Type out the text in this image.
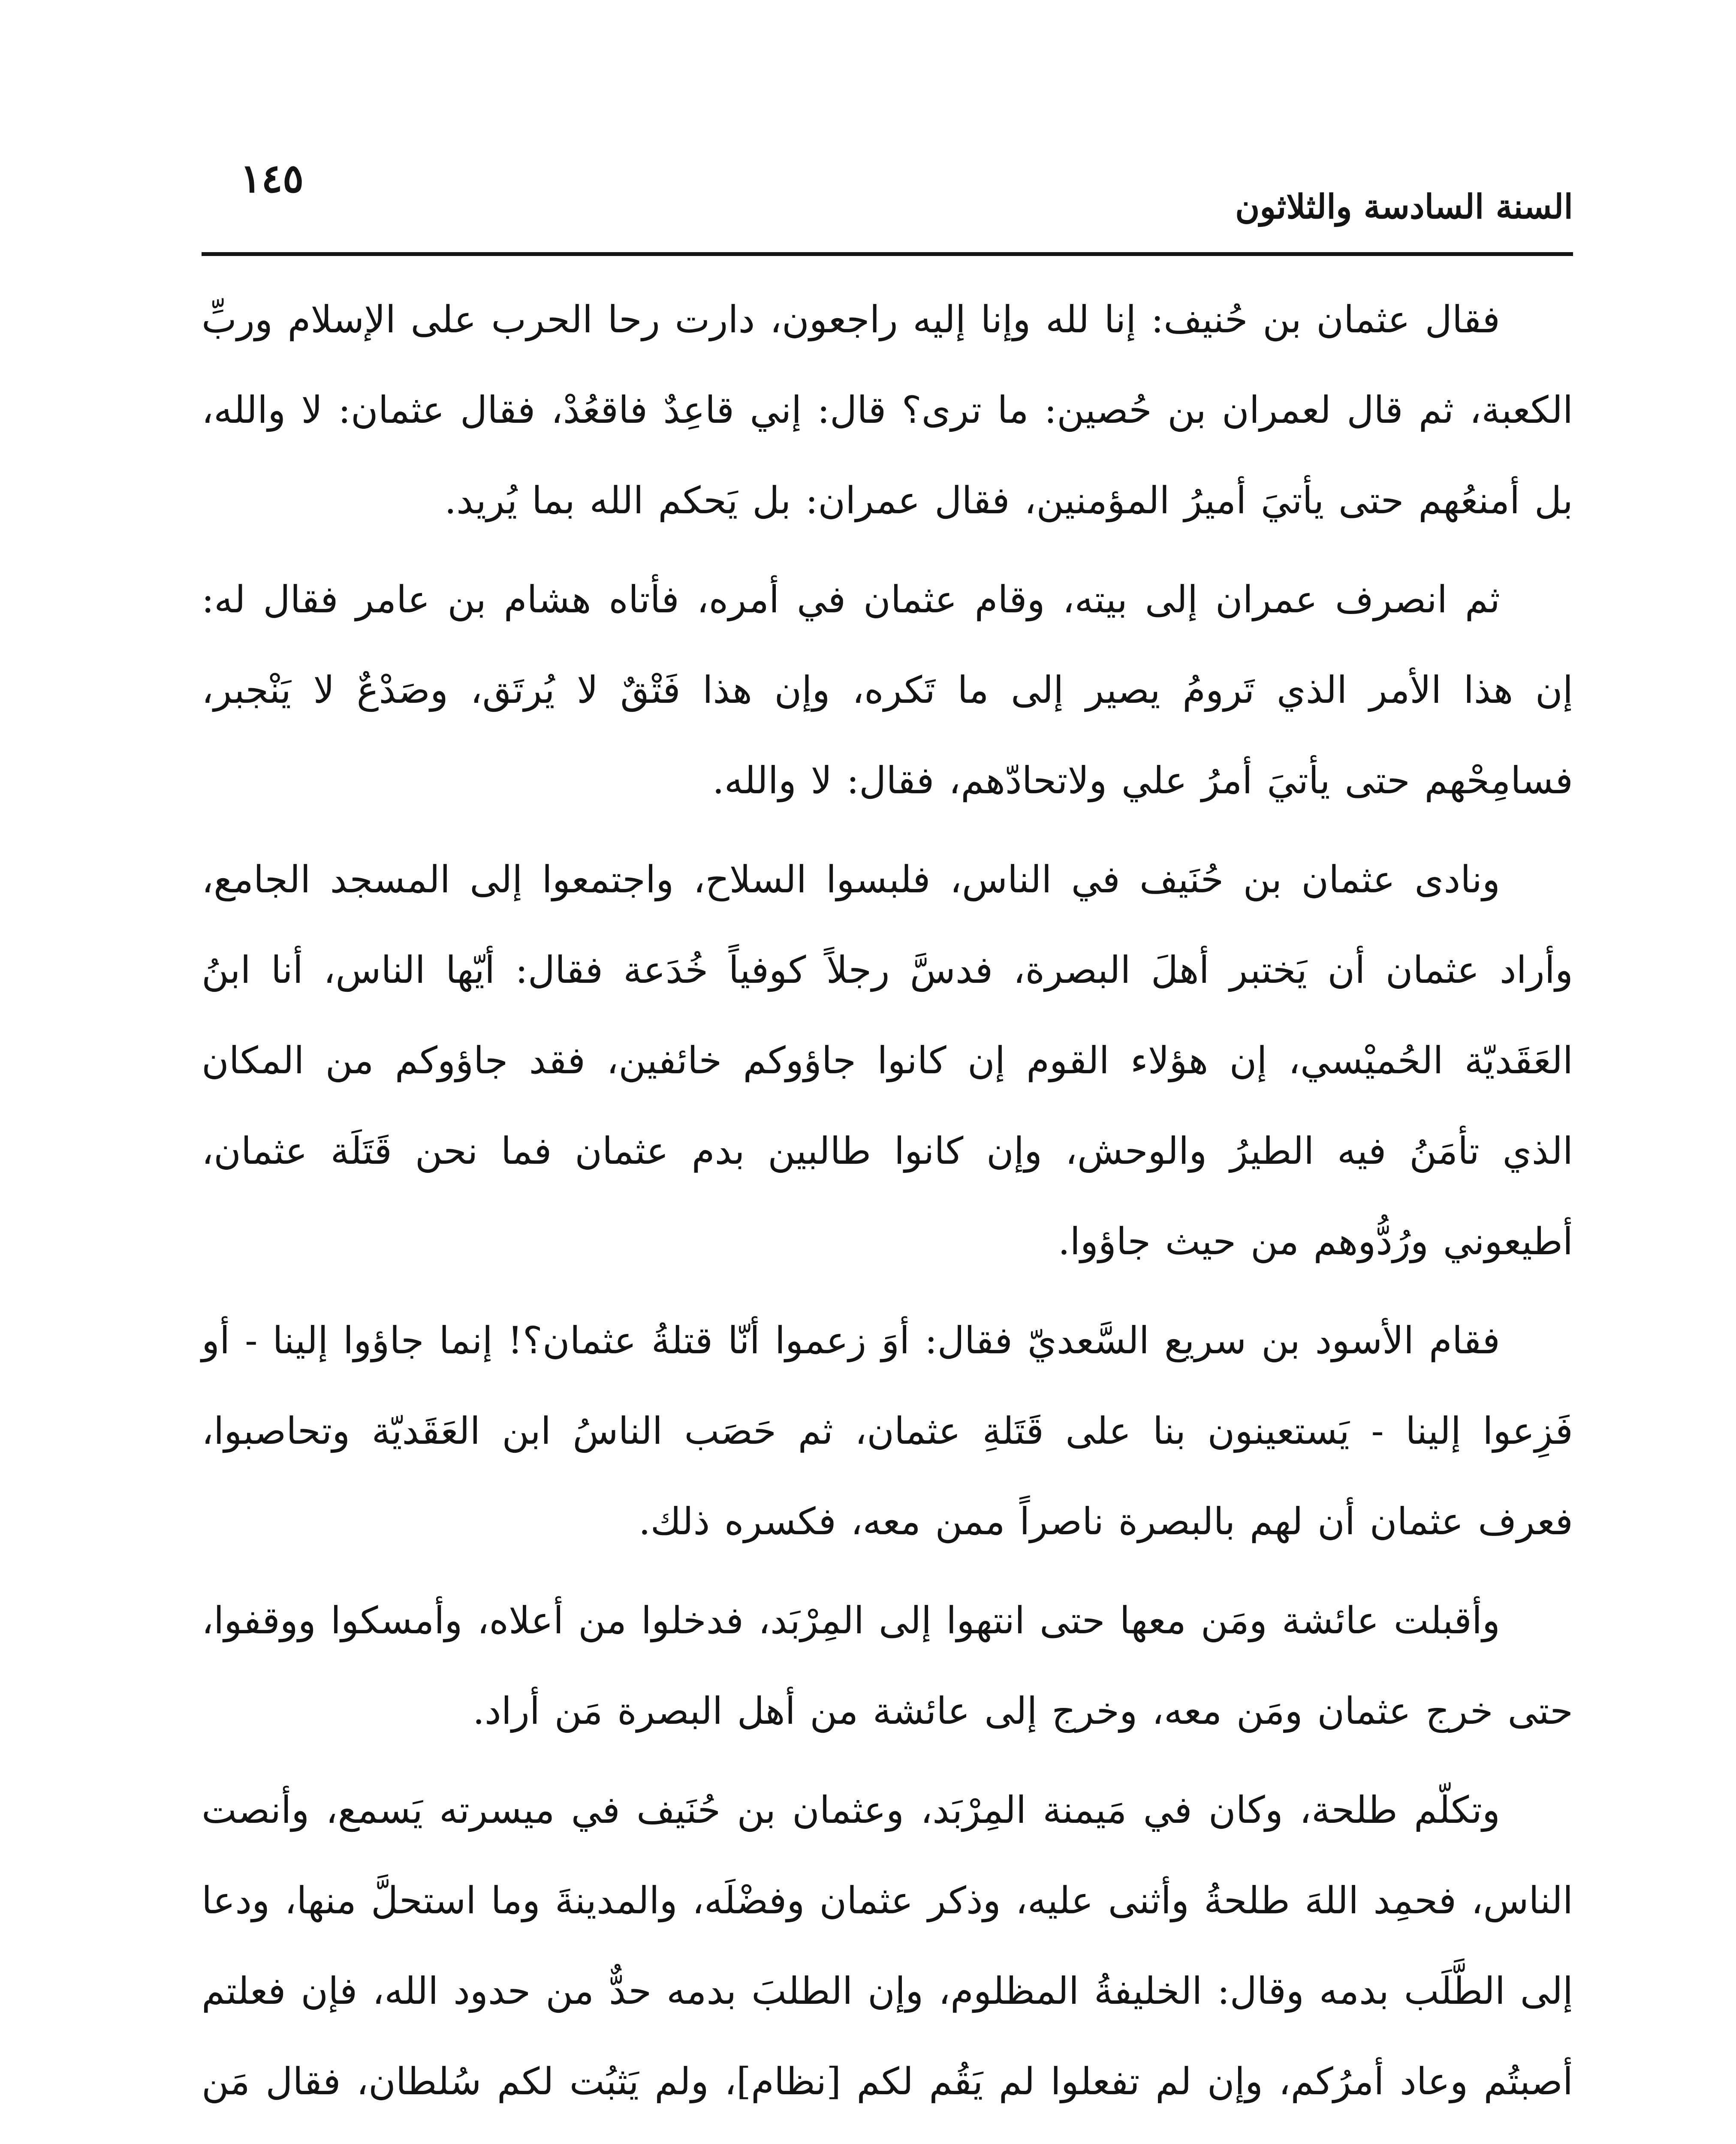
السنة السادسة والثلاثون
١٤٥

فقال عثمان بن حُنيف: إنا لله وإنا إليه راجعون، دارت رحا الحرب على الإسلام وربِّ الكعبة، ثم قال لعمران بن حُصين: ما ترى؟ قال: إني قاعِدٌ فاقعُدْ، فقال عثمان: لا والله، بل أمنعُهم حتى يأتيَ أميرُ المؤمنين، فقال عمران: بل يَحكم الله بما يُريد.

ثم انصرف عمران إلى بيته، وقام عثمان في أمره، فأتاه هشام بن عامر فقال له: إن هذا الأمر الذي تَرومُ يصير إلى ما تَكره، وإن هذا فَتْقٌ لا يُرتَق، وصَدْعٌ لا يَنْجبر، فسامِحْهم حتى يأتيَ أمرُ علي ولاتحادّهم، فقال: لا والله.

ونادى عثمان بن حُنَيف في الناس، فلبسوا السلاح، واجتمعوا إلى المسجد الجامع، وأراد عثمان أن يَختبر أهلَ البصرة، فدسَّ رجلاً كوفياً خُدَعة فقال: أيّها الناس، أنا ابنُ العَقَديّة الحُميْسي، إن هؤلاء القوم إن كانوا جاؤوكم خائفين، فقد جاؤوكم من المكان الذي تأمَنُ فيه الطيرُ والوحش، وإن كانوا طالبين بدم عثمان فما نحن قَتَلَة عثمان، أطيعوني ورُدُّوهم من حيث جاؤوا.

فقام الأسود بن سريع السَّعديّ فقال: أوَ زعموا أنّا قتلةُ عثمان؟! إنما جاؤوا إلينا - أو فَزِعوا إلينا - يَستعينون بنا على قَتَلةِ عثمان، ثم حَصَب الناسُ ابن العَقَديّة وتحاصبوا، فعرف عثمان أن لهم بالبصرة ناصراً ممن معه، فكسره ذلك.

وأقبلت عائشة ومَن معها حتى انتهوا إلى المِرْبَد، فدخلوا من أعلاه، وأمسكوا ووقفوا، حتى خرج عثمان ومَن معه، وخرج إلى عائشة من أهل البصرة مَن أراد.

وتكلّم طلحة، وكان في مَيمنة المِرْبَد، وعثمان بن حُنَيف في ميسرته يَسمع، وأنصت الناس، فحمِد اللهَ طلحةُ وأثنى عليه، وذكر عثمان وفضْلَه، والمدينةَ وما استحلَّ منها، ودعا إلى الطَّلَب بدمه وقال: الخليفةُ المظلوم، وإن الطلبَ بدمه حدٌّ من حدود الله، فإن فعلتم أصبتُم وعاد أمرُكم، وإن لم تفعلوا لم يَقُم لكم [نظام]، ولم يَثبُت لكم سُلطان، فقال مَن
